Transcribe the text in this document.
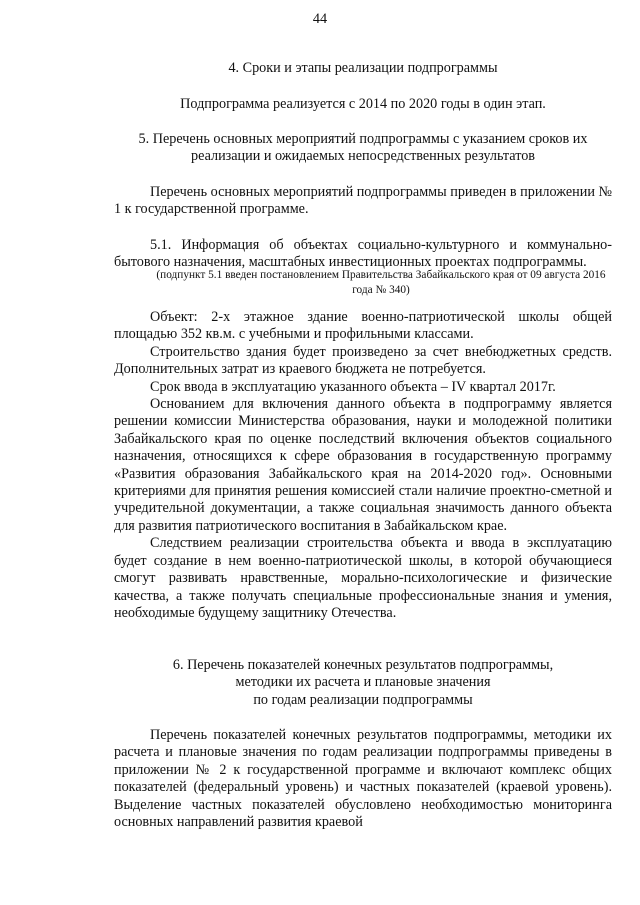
44
4. Сроки и этапы реализации подпрограммы
Подпрограмма реализуется с 2014 по 2020 годы в один этап.
5. Перечень основных мероприятий подпрограммы с указанием сроков их реализации и ожидаемых непосредственных результатов

Перечень основных мероприятий подпрограммы приведен в приложении № 1 к государственной программе.

5.1. Информация об объектах социально-культурного и коммунально-бытового назначения, масштабных инвестиционных проектах подпрограммы.

(подпункт 5.1 введен постановлением Правительства Забайкальского края от 09 августа 2016 года № 340)

Объект: 2-х этажное здание военно-патриотической школы общей площадью 352 кв.м. с учебными и профильными классами.

Строительство здания будет произведено за счет внебюджетных средств. Дополнительных затрат из краевого бюджета не потребуется.

Срок ввода в эксплуатацию указанного объекта – IV квартал 2017г.

Основанием для включения данного объекта в подпрограмму является решении комиссии Министерства образования, науки и молодежной политики Забайкальского края по оценке последствий включения объектов социального назначения, относящихся к сфере образования в государственную программу «Развития образования Забайкальского края на 2014-2020 год». Основными критериями для принятия решения комиссией стали наличие проектно-сметной и учредительной документации, а также социальная значимость данного объекта для развития патриотического воспитания в Забайкальском крае.

Следствием реализации строительства объекта и ввода в эксплуатацию будет создание в нем военно-патриотической школы, в которой обучающиеся смогут развивать нравственные, морально-психологические и физические качества, а также получать специальные профессиональные знания и умения, необходимые будущему защитнику Отечества.

6. Перечень показателей конечных результатов подпрограммы,

методики их расчета и плановые значения

по годам реализации подпрограммы

Перечень показателей конечных результатов подпрограммы, методики их расчета и плановые значения по годам реализации подпрограммы приведены в приложении № 2 к государственной программе и включают комплекс общих показателей (федеральный уровень) и частных показателей (краевой уровень). Выделение частных показателей обусловлено необходимостью мониторинга основных направлений развития краевой
